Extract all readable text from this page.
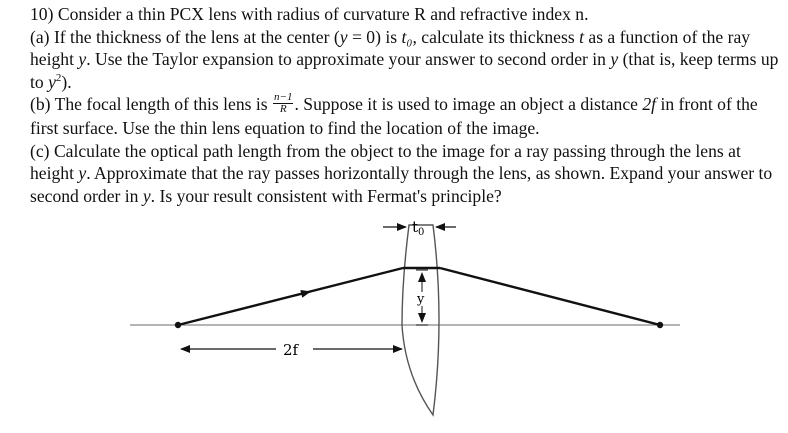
10) Consider a thin PCX lens with radius of curvature R and refractive index n.

(a) If the thickness of the lens at the center (y = 0) is t₀, calculate its thickness t as a function of the ray height y. Use the Taylor expansion to approximate your answer to second order in y (that is, keep terms up to $y^2$).

(b) The focal length of this lens is $\frac{n-1}{R}$ . Suppose it is used to image an object a distance 2f in front of the first surface. Use the thin lens equation to find the location of the image.

(c) Calculate the optical path length from the object to the image for a ray passing through the lens at height y. Approximate that the ray passes horizontally through the lens, as shown. Expand your answer to second order in y. Is your result consistent with Fermat's principle?

y
$t_0$
2f
